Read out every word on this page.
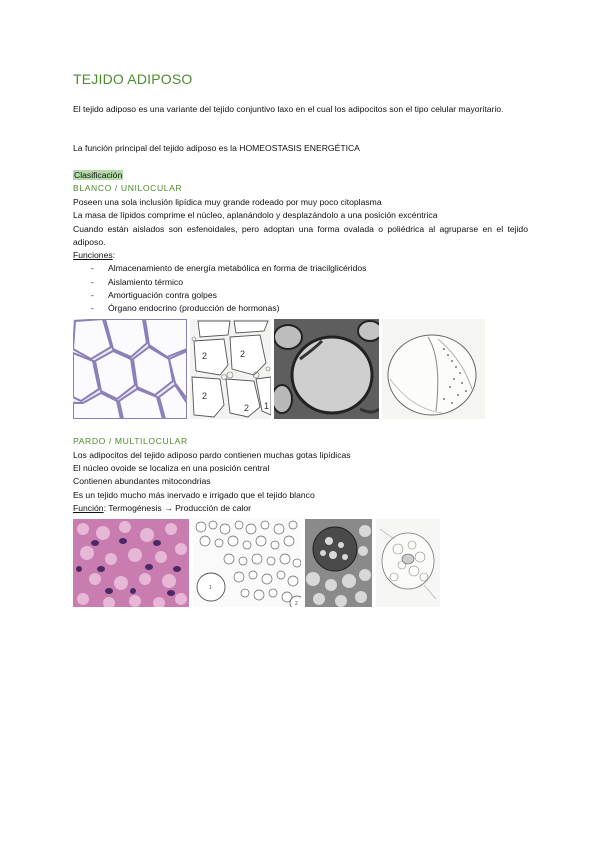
TEJIDO ADIPOSO
El tejido adiposo es una variante del tejido conjuntivo laxo en el cual los adipocitos son el tipo celular mayoritario.
La función principal del tejido adiposo es la HOMEOSTASIS ENERGÉTICA
Clasificación
BLANCO / UNILOCULAR
Poseen una sola inclusión lipídica muy grande rodeado por muy poco citoplasma
La masa de lípidos comprime el núcleo, aplanándolo y desplazándolo a una posición excéntrica
Cuando están aislados son esfenoidales, pero adoptan una forma ovalada o poliédrica al agruparse en el tejido adiposo.
Funciones:
- Almacenamiento de energía metabólica en forma de triacilglicéridos
- Aislamiento térmico
- Amortiguación contra golpes
- Órgano endocrino (producción de hormonas)
2	2
2
2 1
PARDO / MULTILOCULAR
Los adipocitos del tejido adiposo pardo contienen muchas gotas lipídicas
El núcleo ovoide se localiza en una posición central
Contienen abundantes mitocondrias
Es un tejido mucho más inervado e irrigado que el tejido blanco
Función: Termogénesis → Producción de calor
1
2
